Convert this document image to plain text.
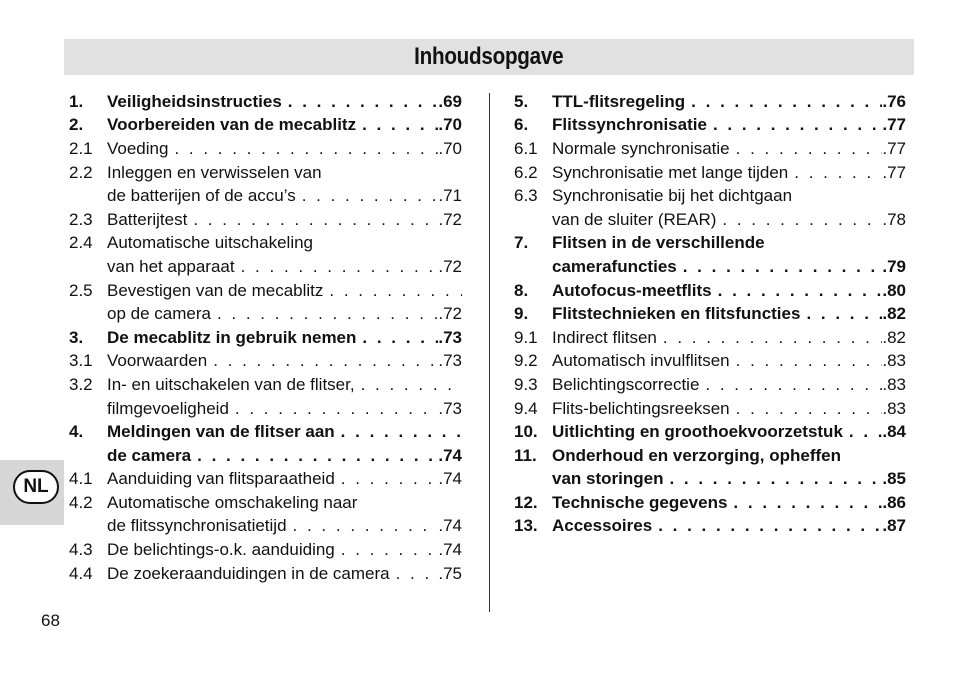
Inhoudsopgave
1.	Veiligheidsinstructies . . .	.69
2.	Voorbereiden van de mecablitz . . .	.70
2.1 Voeding . . .	.70
2.2 Inleggen en verwisselen van
de batterijen of de accu’s . . .	.71
2.3 Batterijtest . . .	.72
2.4 Automatische uitschakeling
van het apparaat . . .	.72
2.5 Bevestigen van de mecablitz
. . .
op de camera . . .	.72
3.	De mecablitz in gebruik nemen . . .	.73
3.1 Voorwaarden . . .	.73
3.2 In- en uitschakelen van de flitser,
. . .
filmgevoeligheid . . .	.73
4.	Meldingen van de flitser aan
. . .
de camera . . .	.74
4.1 Aanduiding van flitsparaatheid . . .	.74
4.2 Automatische omschakeling naar
de flitssynchronisatietijd . . .	.74
4.3 De belichtings-o.k. aanduiding . . .	.74
4.4 De zoekeraanduidingen in de camera . . .	.75
5.	TTL-flitsregeling . . .	.76
6.	Flitssynchronisatie . . .	.77
6.1 Normale synchronisatie . . .	.77
6.2 Synchronisatie met lange tijden . . .	.77
6.3 Synchronisatie bij het dichtgaan
van de sluiter (REAR) . . .	.78
7.	Flitsen in de verschillende
camerafuncties . . .	.79
8.	Autofocus-meetflits . . .	.80
9.	Flitstechnieken en flitsfuncties . . .	.82
9.1 Indirect flitsen . . .	.82
9.2 Automatisch invulflitsen . . .	.83
9.3 Belichtingscorrectie . . .	.83
9.4 Flits-belichtingsreeksen . . .	.83
10. Uitlichting en groothoekvoorzetstuk . . . .84
11. Onderhoud en verzorging, opheffen
van storingen . . .	.85
12. Technische gegevens . . .	.86
13. Accessoires . . .	.87
NL
68
